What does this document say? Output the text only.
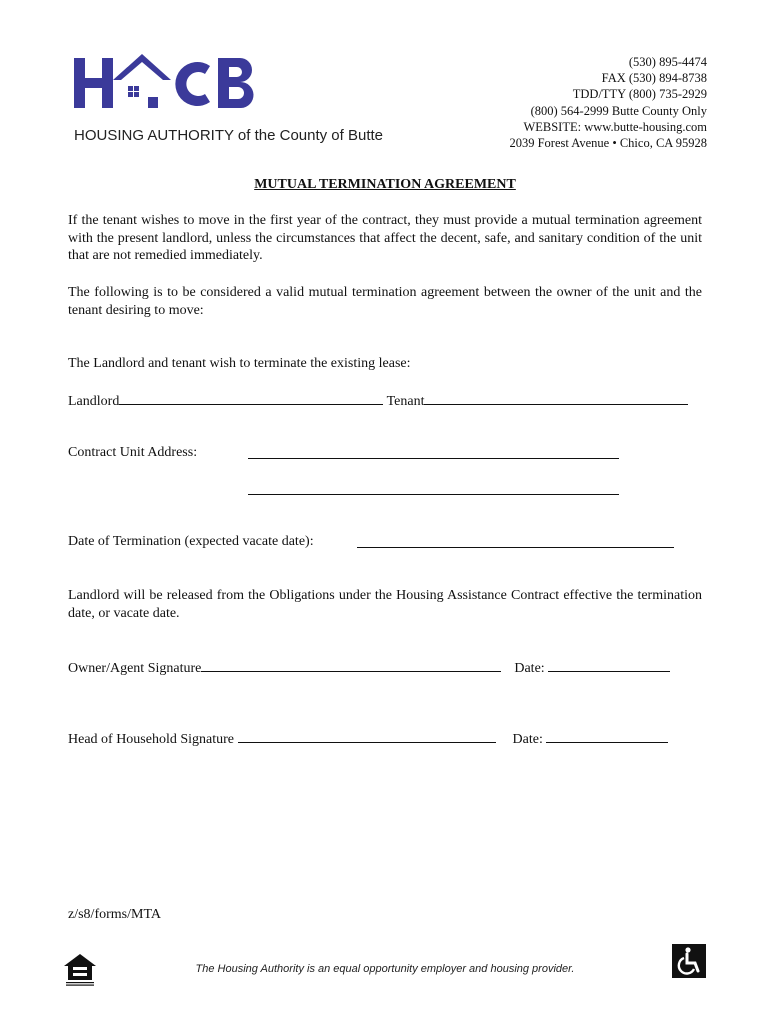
HACB
HOUSING AUTHORITY of the County of Butte
(530) 895-4474
FAX (530) 894-8738
TDD/TTY (800) 735-2929
(800) 564-2999 Butte County Only
WEBSITE: www.butte-housing.com
2039 Forest Avenue • Chico, CA 95928
MUTUAL TERMINATION AGREEMENT
If the tenant wishes to move in the first year of the contract, they must provide a mutual termination agreement with the present landlord, unless the circumstances that affect the decent, safe, and sanitary condition of the unit that are not remedied immediately.
The following is to be considered a valid mutual termination agreement between the owner of the unit and the tenant desiring to move:
The Landlord and tenant wish to terminate the existing lease:
Landlord	Tenant
Contract Unit Address:
Date of Termination (expected vacate date):
Landlord will be released from the Obligations under the Housing Assistance Contract effective the termination date, or vacate date.
Owner/Agent Signature	Date:
Head of Household Signature	Date:
z/s8/forms/MTA
The Housing Authority is an equal opportunity employer and housing provider.
